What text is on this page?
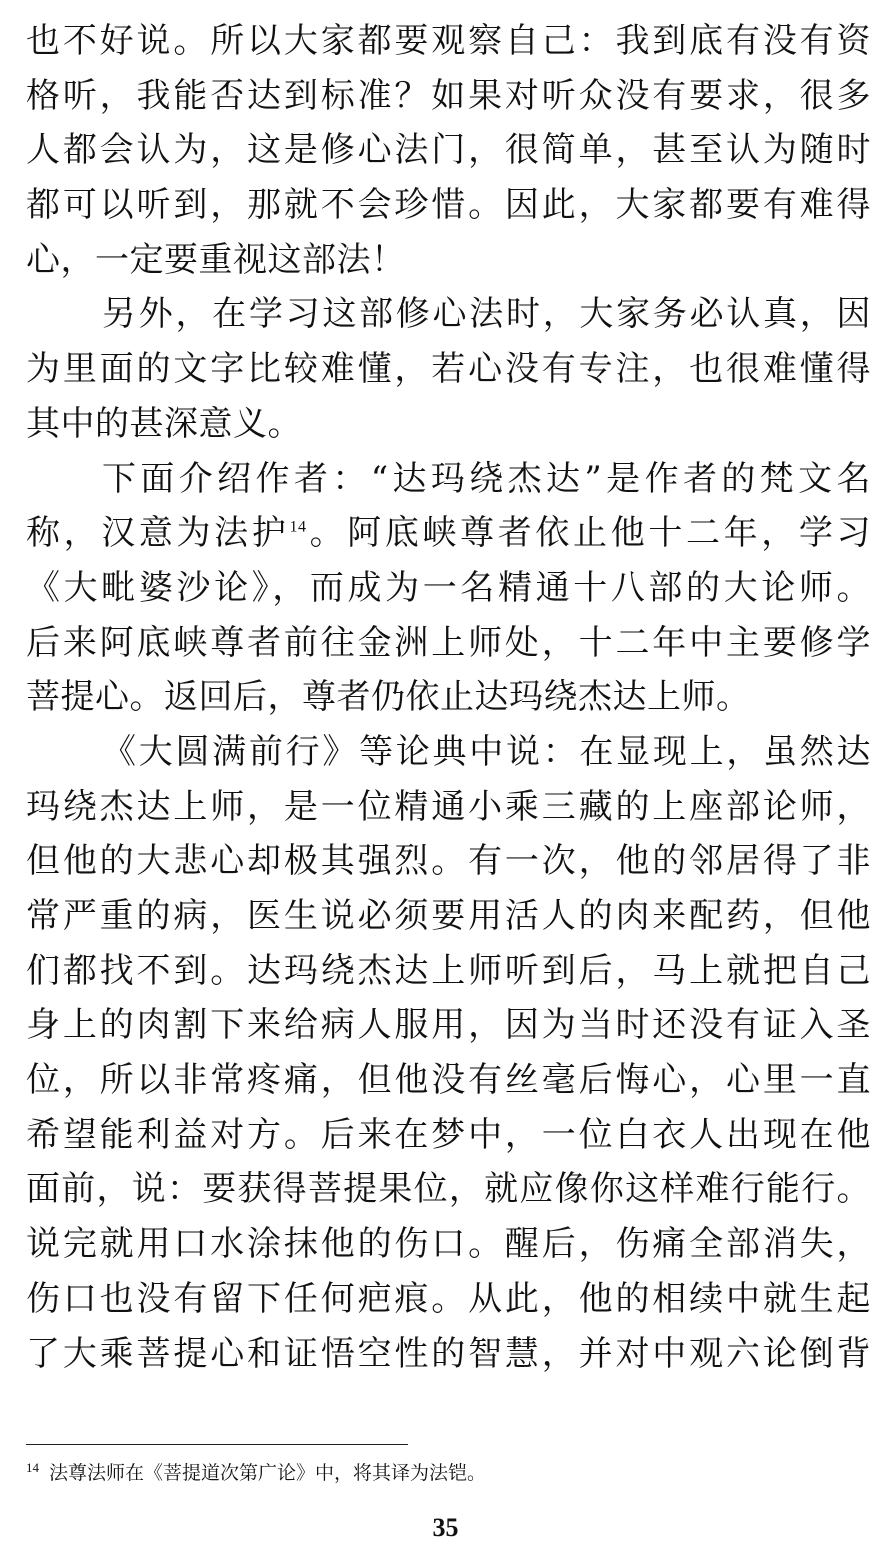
也不好说。所以大家都要观察自己：我到底有没有资
格听，我能否达到标准？如果对听众没有要求，很多
人都会认为，这是修心法门，很简单，甚至认为随时
都可以听到，那就不会珍惜。因此，大家都要有难得
心，一定要重视这部法！
另外，在学习这部修心法时，大家务必认真，因
为里面的文字比较难懂，若心没有专注，也很难懂得
其中的甚深意义。
下面介绍作者：“达玛绕杰达”是作者的梵文名
称，汉意为法护$^{14}$。阿底峡尊者依止他十二年，学习
《大毗婆沙论》，而成为一名精通十八部的大论师。
后来阿底峡尊者前往金洲上师处，十二年中主要修学
菩提心。返回后，尊者仍依止达玛绕杰达上师。
《大圆满前行》等论典中说：在显现上，虽然达
玛绕杰达上师，是一位精通小乘三藏的上座部论师，
但他的大悲心却极其强烈。有一次，他的邻居得了非
常严重的病，医生说必须要用活人的肉来配药，但他
们都找不到。达玛绕杰达上师听到后，马上就把自己
身上的肉割下来给病人服用，因为当时还没有证入圣
位，所以非常疼痛，但他没有丝毫后悔心，心里一直
希望能利益对方。后来在梦中，一位白衣人出现在他
面前，说：要获得菩提果位，就应像你这样难行能行。
说完就用口水涂抹他的伤口。醒后，伤痛全部消失，
伤口也没有留下任何疤痕。从此，他的相续中就生起
了大乘菩提心和证悟空性的智慧，并对中观六论倒背
$^{14}$ 法尊法师在《菩提道次第广论》中，将其译为法铠。
35
